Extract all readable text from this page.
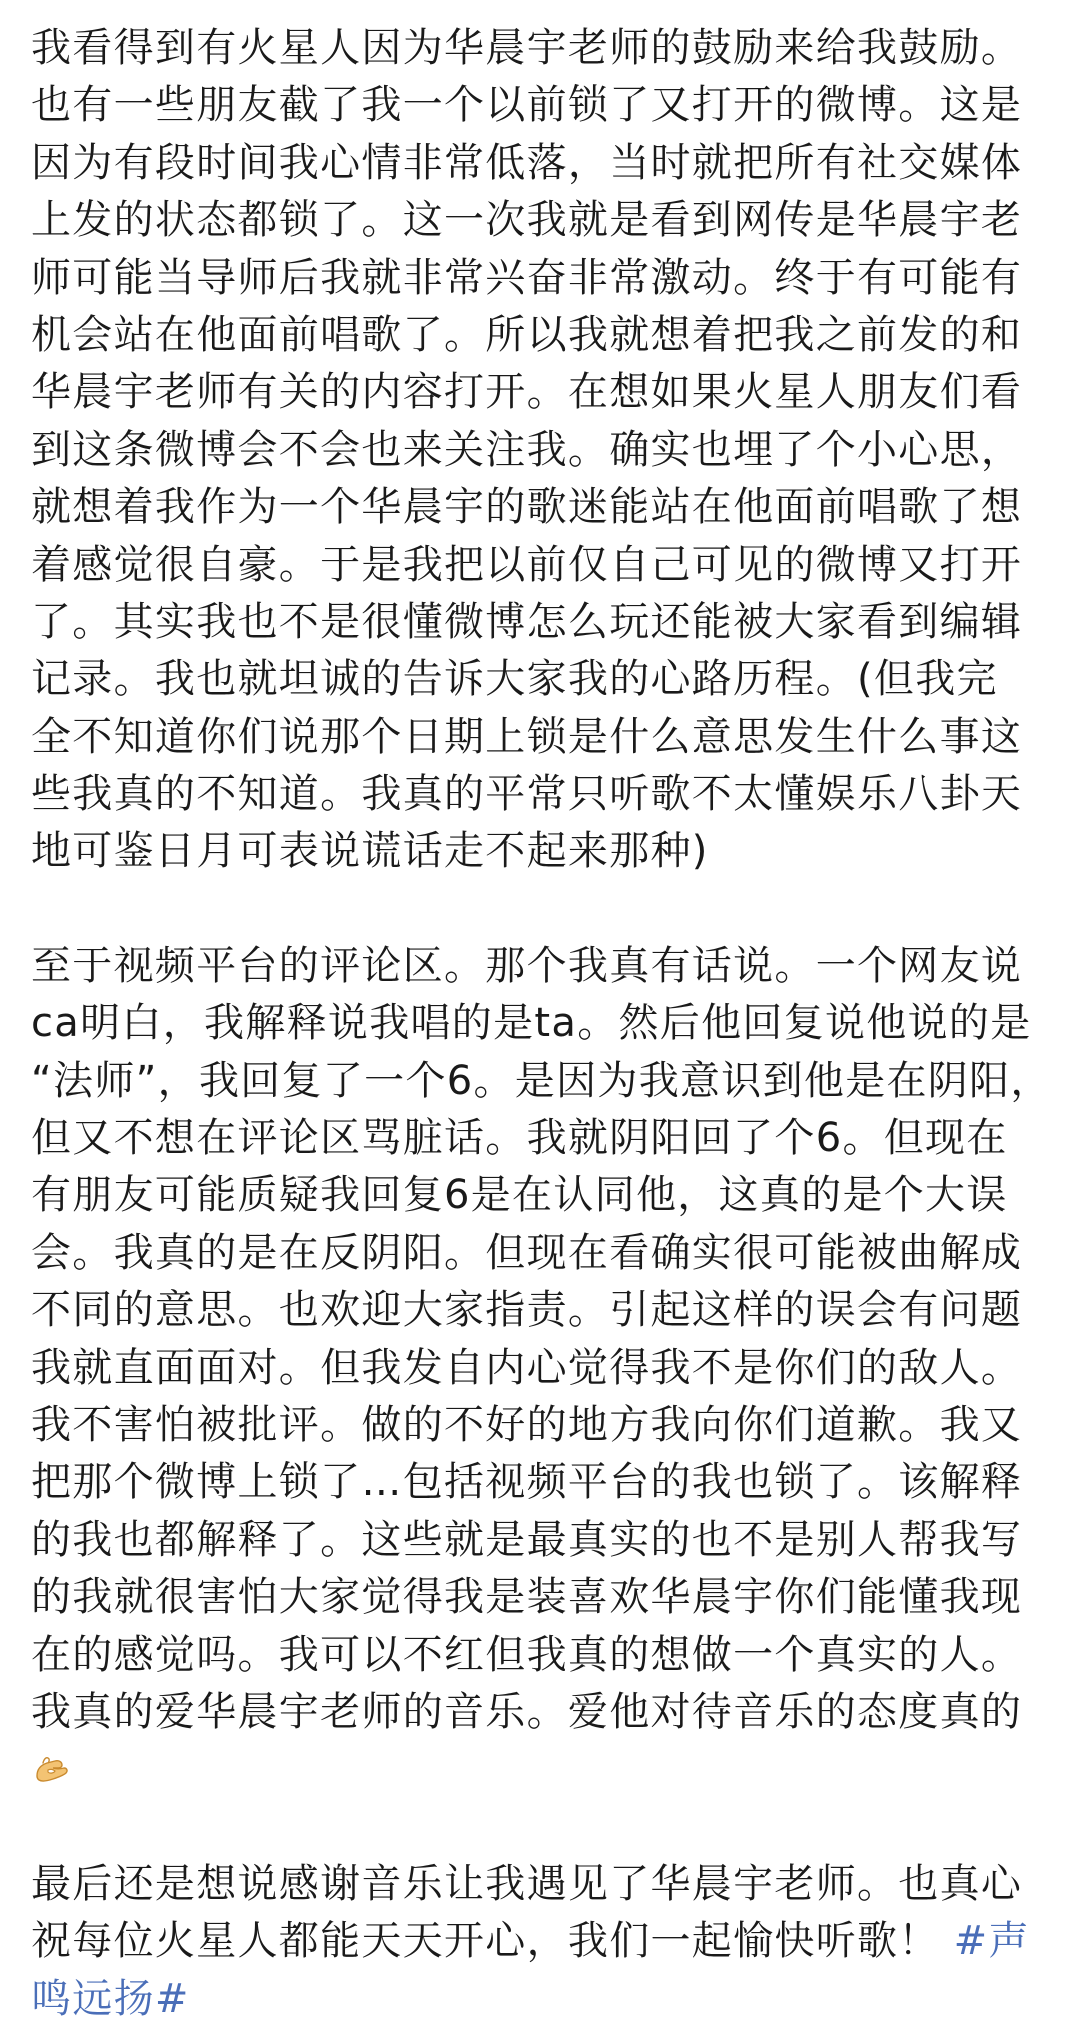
我看得到有火星人因为华晨宇老师的鼓励来给我鼓励。
也有一些朋友截了我一个以前锁了又打开的微博。这是
因为有段时间我心情非常低落，当时就把所有社交媒体
上发的状态都锁了。这一次我就是看到网传是华晨宇老
师可能当导师后我就非常兴奋非常激动。终于有可能有
机会站在他面前唱歌了。所以我就想着把我之前发的和
华晨宇老师有关的内容打开。在想如果火星人朋友们看
到这条微博会不会也来关注我。确实也埋了个小心思，
就想着我作为一个华晨宇的歌迷能站在他面前唱歌了想
着感觉很自豪。于是我把以前仅自己可见的微博又打开
了。其实我也不是很懂微博怎么玩还能被大家看到编辑
记录。我也就坦诚的告诉大家我的心路历程。(但我完
全不知道你们说那个日期上锁是什么意思发生什么事这
些我真的不知道。我真的平常只听歌不太懂娱乐八卦天
地可鉴日月可表说谎话走不起来那种)
至于视频平台的评论区。那个我真有话说。一个网友说
ca明白，我解释说我唱的是ta。然后他回复说他说的是
“法师”，我回复了一个6。是因为我意识到他是在阴阳，
但又不想在评论区骂脏话。我就阴阳回了个6。但现在
有朋友可能质疑我回复6是在认同他，这真的是个大误
会。我真的是在反阴阳。但现在看确实很可能被曲解成
不同的意思。也欢迎大家指责。引起这样的误会有问题
我就直面面对。但我发自内心觉得我不是你们的敌人。
我不害怕被批评。做的不好的地方我向你们道歉。我又
把那个微博上锁了…包括视频平台的我也锁了。该解释
的我也都解释了。这些就是最真实的也不是别人帮我写
的我就很害怕大家觉得我是装喜欢华晨宇你们能懂我现
在的感觉吗。我可以不红但我真的想做一个真实的人。
我真的爱华晨宇老师的音乐。爱他对待音乐的态度真的
最后还是想说感谢音乐让我遇见了华晨宇老师。也真心
祝每位火星人都能天天开心，我们一起愉快听歌！ #声
鸣远扬#
